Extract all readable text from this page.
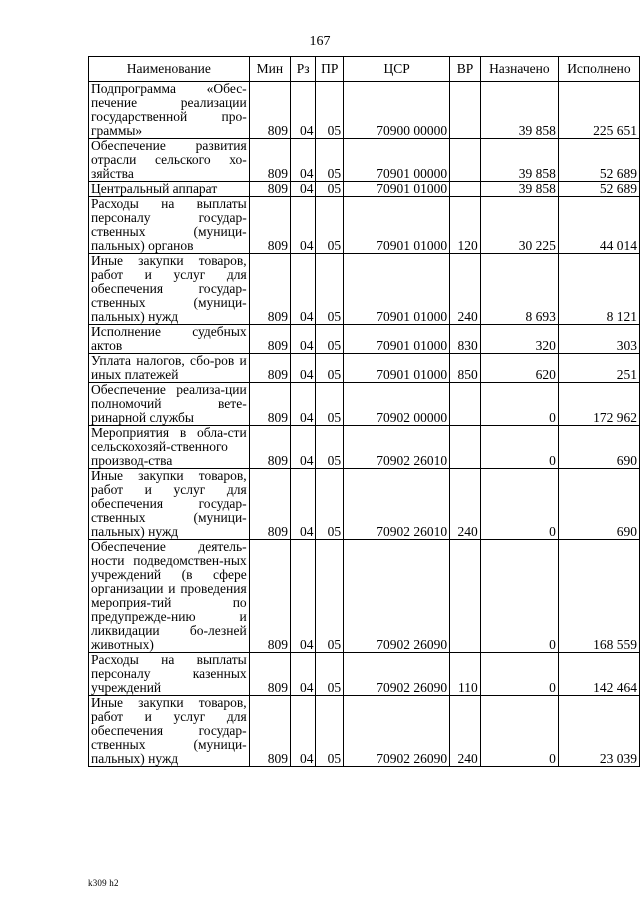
167
Наименование	Мин	Рз	ПР	ЦСР	ВР	Назначено	Исполнено
Подпрограмма «Обес-печение реализации государственной про-граммы»	809	04	05	70900 00000		39 858	225 651
Обеспечение развития отрасли сельского хо-зяйства	809	04	05	70901 00000		39 858	52 689
Центральный аппарат	809	04	05	70901 01000		39 858	52 689
Расходы на выплаты персоналу государ-ственных (муници-пальных) органов	809	04	05	70901 01000	120	30 225	44 014
Иные закупки товаров, работ и услуг для обеспечения государ-ственных (муници-пальных) нужд	809	04	05	70901 01000	240	8 693	8 121
Исполнение судебных актов	809	04	05	70901 01000	830	320	303
Уплата налогов, сбо-ров и иных платежей	809	04	05	70901 01000	850	620	251
Обеспечение реализа-ции полномочий вете-ринарной службы	809	04	05	70902 00000		0	172 962
Мероприятия в обла-сти сельскохозяй-ственного производ-ства	809	04	05	70902 26010		0	690
Иные закупки товаров, работ и услуг для обеспечения государ-ственных (муници-пальных) нужд	809	04	05	70902 26010	240	0	690
Обеспечение деятель-ности подведомствен-ных учреждений (в сфере организации и проведения мероприя-тий по предупрежде-нию и ликвидации бо-лезней животных)	809	04	05	70902 26090		0	168 559
Расходы на выплаты персоналу казенных учреждений	809	04	05	70902 26090	110	0	142 464
Иные закупки товаров, работ и услуг для обеспечения государ-ственных (муници-пальных) нужд	809	04	05	70902 26090	240	0	23 039
k309 h2
